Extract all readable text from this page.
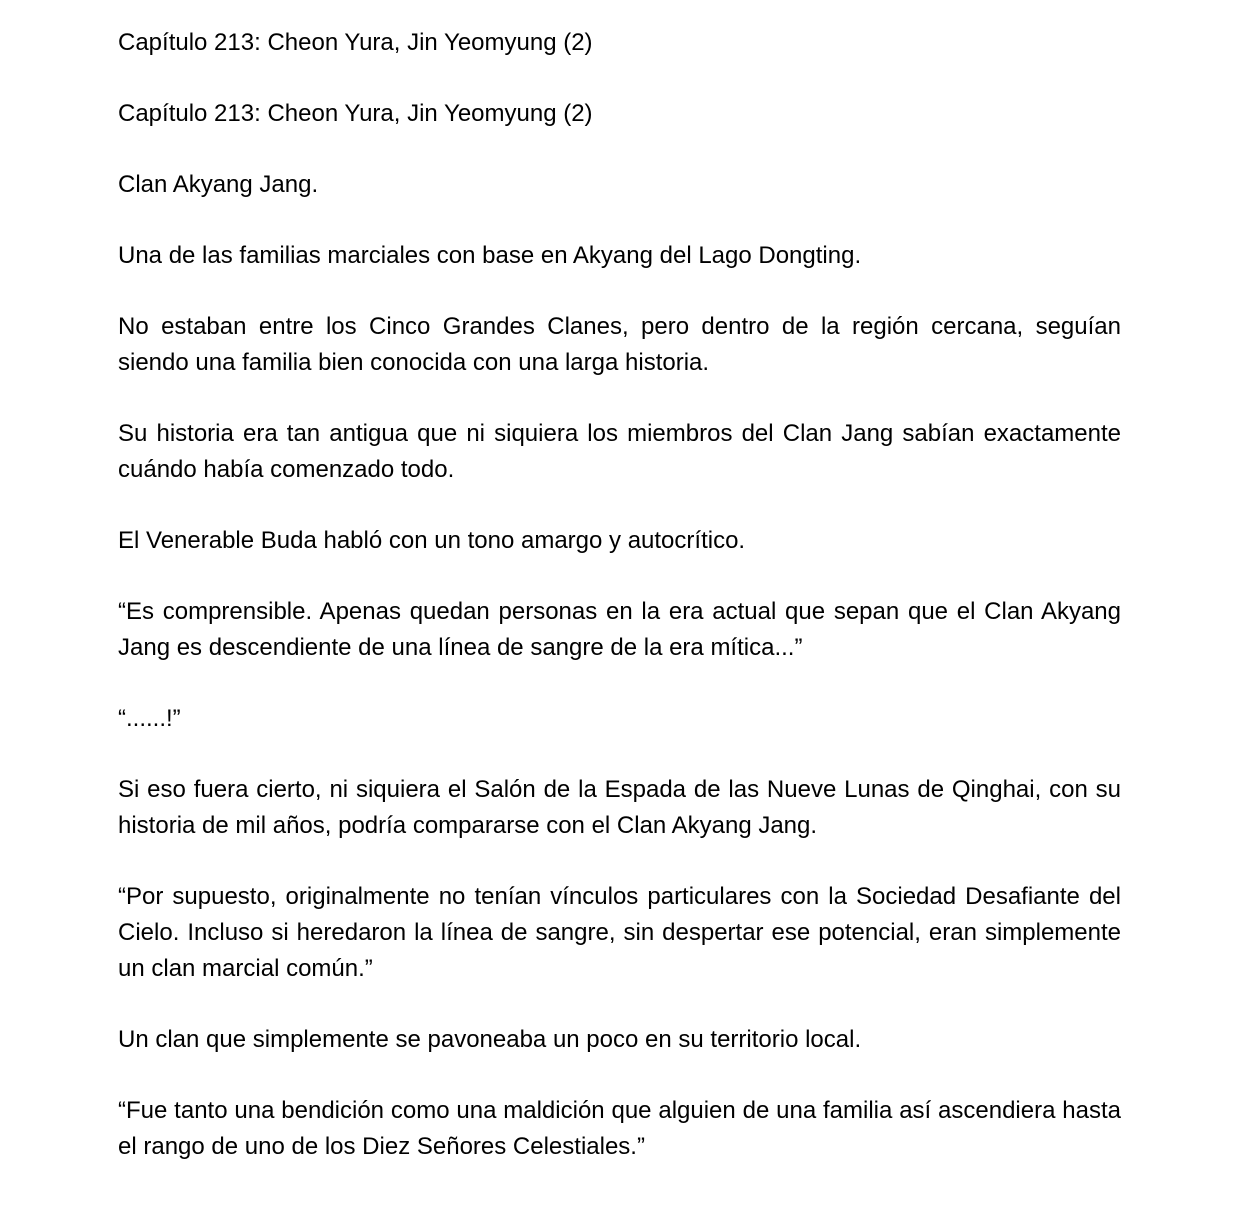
Capítulo 213: Cheon Yura, Jin Yeomyung (2)

Capítulo 213: Cheon Yura, Jin Yeomyung (2)

Clan Akyang Jang.

Una de las familias marciales con base en Akyang del Lago Dongting.

No estaban entre los Cinco Grandes Clanes, pero dentro de la región cercana, seguían siendo una familia bien conocida con una larga historia.

Su historia era tan antigua que ni siquiera los miembros del Clan Jang sabían exactamente cuándo había comenzado todo.

El Venerable Buda habló con un tono amargo y autocrítico.

“Es comprensible. Apenas quedan personas en la era actual que sepan que el Clan Akyang Jang es descendiente de una línea de sangre de la era mítica...”

“......!”

Si eso fuera cierto, ni siquiera el Salón de la Espada de las Nueve Lunas de Qinghai, con su historia de mil años, podría compararse con el Clan Akyang Jang.

“Por supuesto, originalmente no tenían vínculos particulares con la Sociedad Desafiante del Cielo. Incluso si heredaron la línea de sangre, sin despertar ese potencial, eran simplemente un clan marcial común.”

Un clan que simplemente se pavoneaba un poco en su territorio local.

“Fue tanto una bendición como una maldición que alguien de una familia así ascendiera hasta el rango de uno de los Diez Señores Celestiales.”
